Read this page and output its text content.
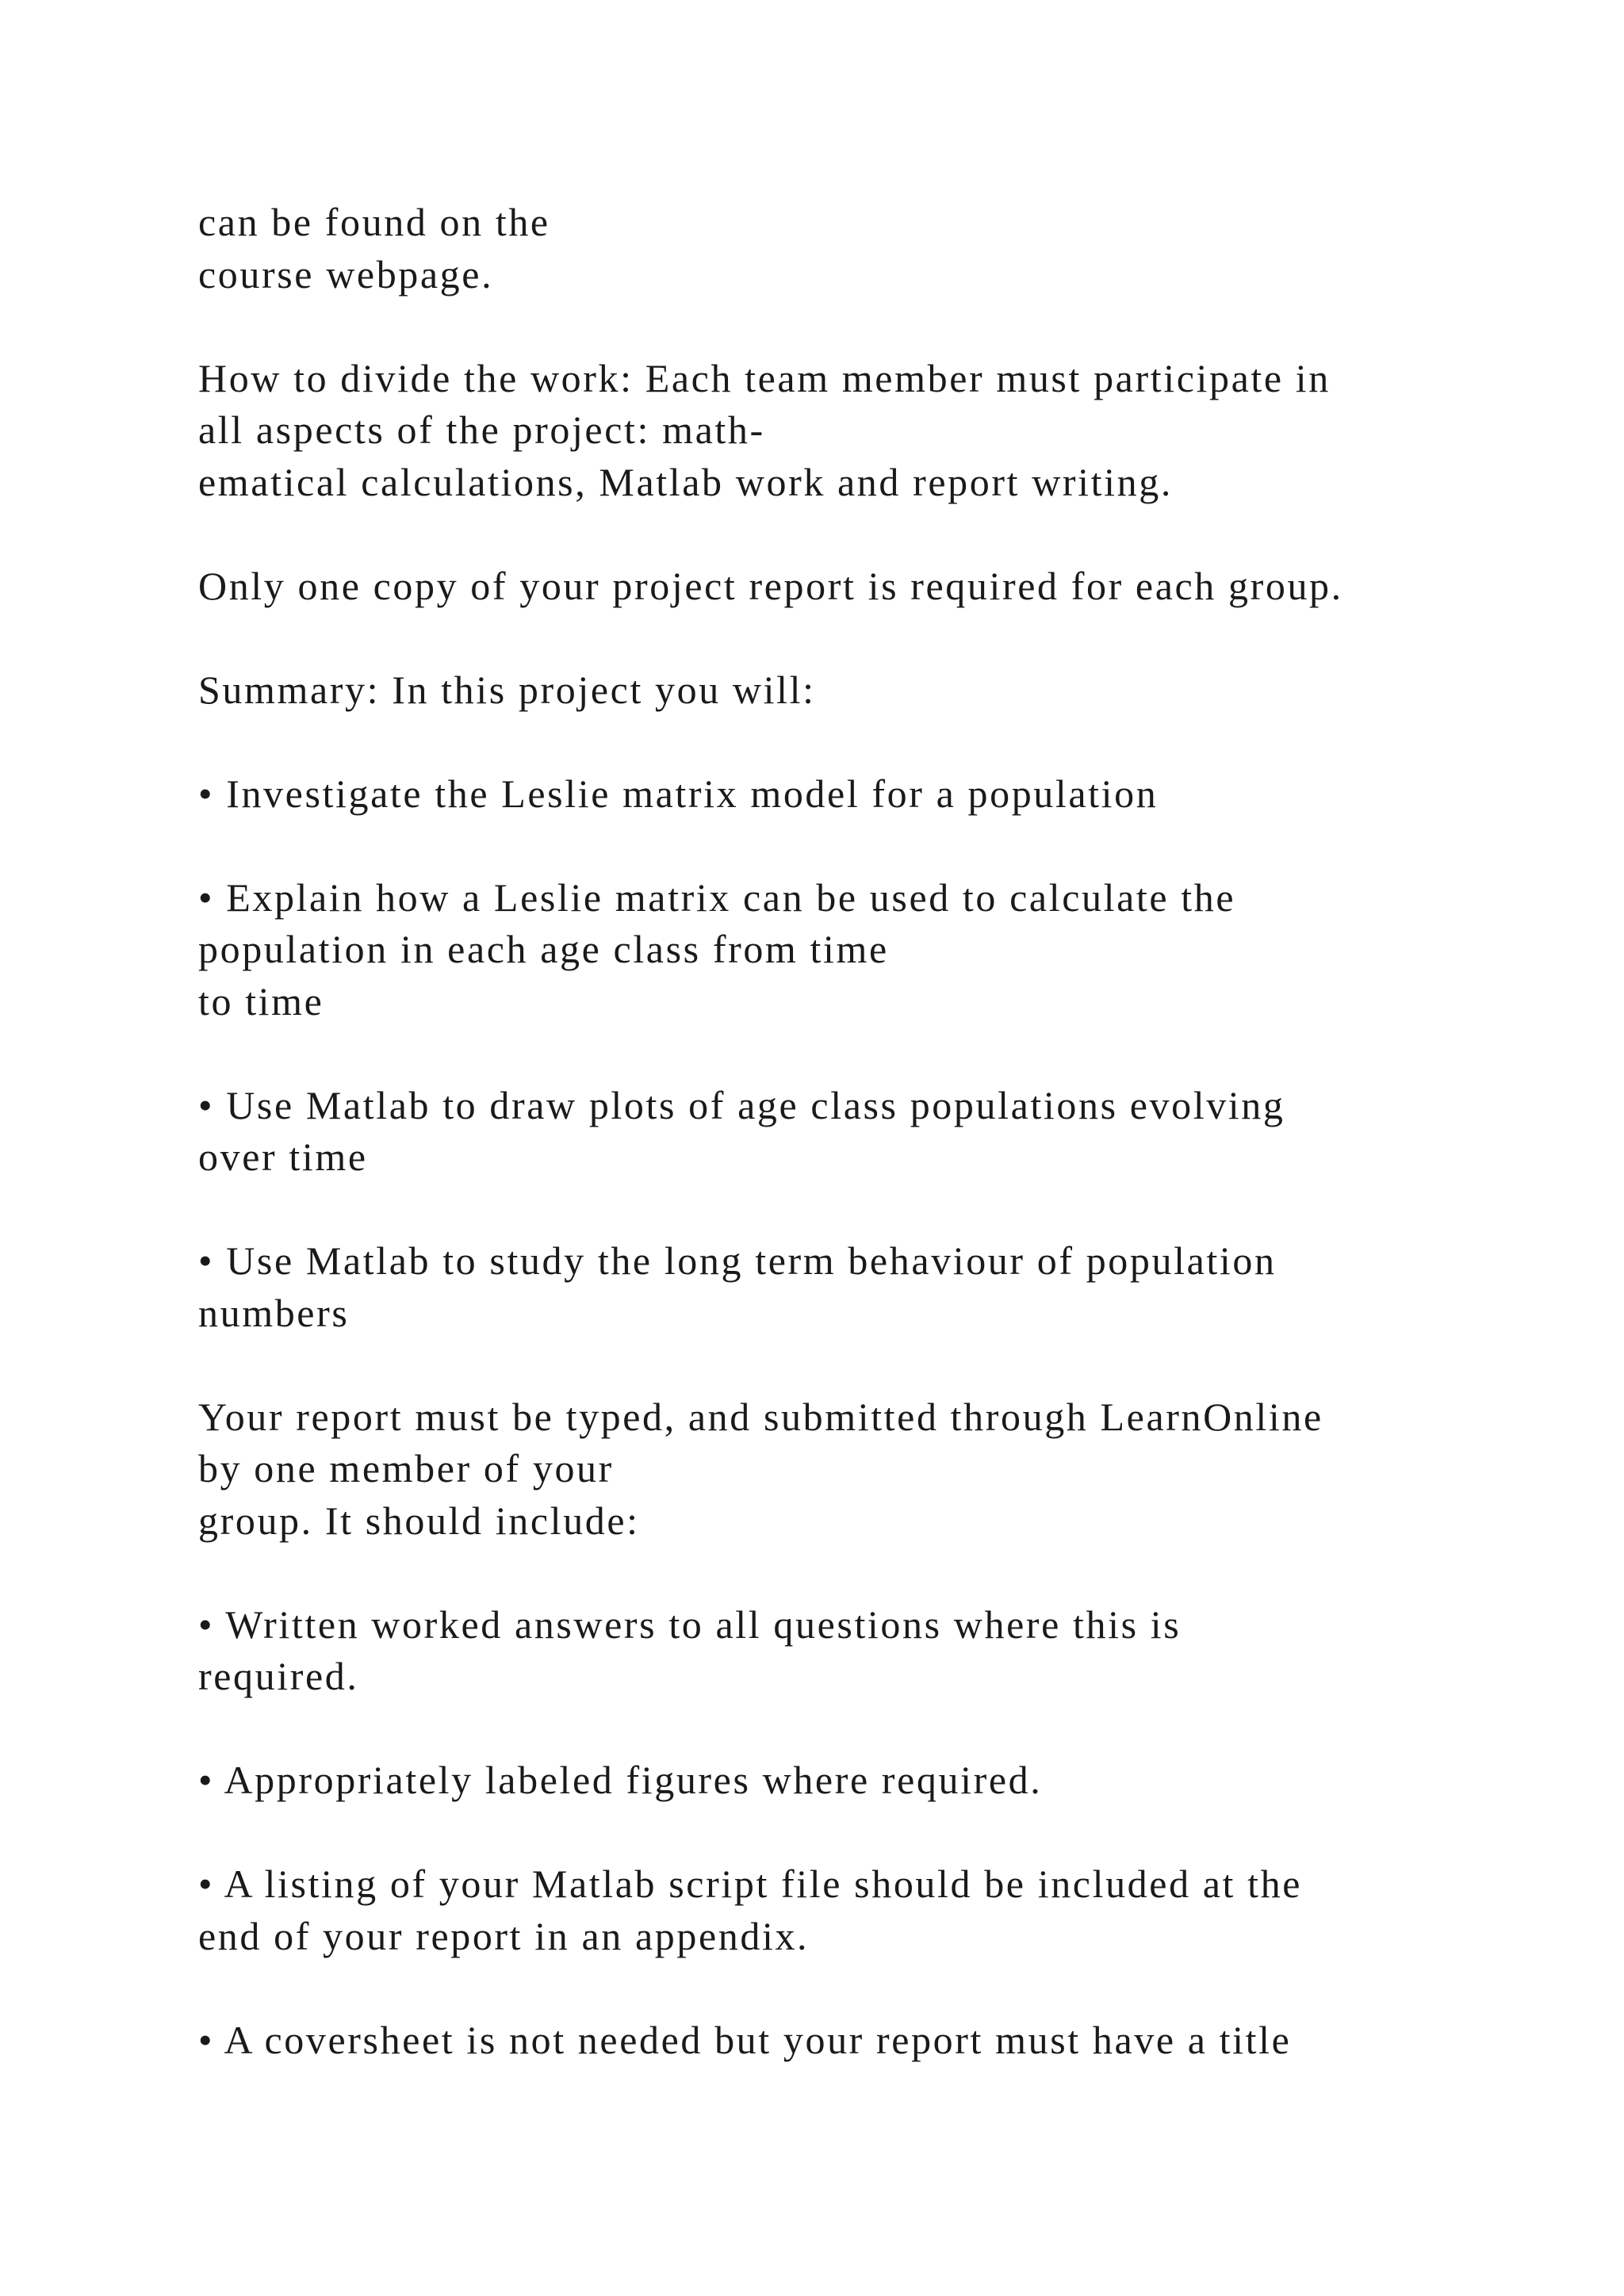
can be found on the
course webpage.

How to divide the work: Each team member must participate in
all aspects of the project: math-
ematical calculations, Matlab work and report writing.

Only one copy of your project report is required for each group.

Summary: In this project you will:

• Investigate the Leslie matrix model for a population

• Explain how a Leslie matrix can be used to calculate the
population in each age class from time
to time

• Use Matlab to draw plots of age class populations evolving
over time

• Use Matlab to study the long term behaviour of population
numbers

Your report must be typed, and submitted through LearnOnline
by one member of your
group. It should include:

• Written worked answers to all questions where this is
required.

• Appropriately labeled figures where required.

• A listing of your Matlab script file should be included at the
end of your report in an appendix.

• A coversheet is not needed but your report must have a title
